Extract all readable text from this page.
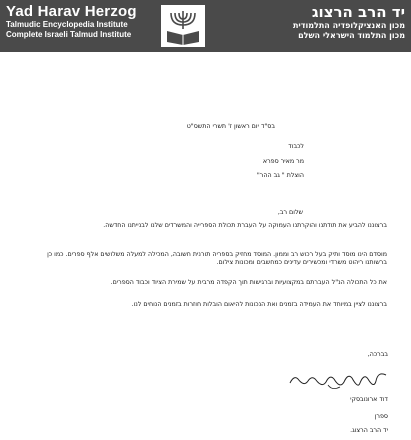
Yad Harav Herzog
Talmudic Encyclopedia Institute
Complete Israeli Talmud Institute
יד הרב הרצוג
מכון האנציקלופדיה התלמודית
מכון התלמוד הישראלי השלם
בס"ד יום ראשון ז' תשרי התשס"ט
לכבוד
מר מאיר ספרא
הוצלת " גב ההר"
שלום רב,
ברצוננו להביע את תודתנו והוקרתנו העמוקה על העברת תכולת הספרייה והמשרדים שלנו לבנייתנו החדשה.
מוסדם הינו מוסד ותיק בעל רכוש רב וממון. המוסד מחזיק בספריה תורנית חשובה, המכילה למעלה משלושים אלף ספרים. כמו כן ברשותנו ריהוט משרדי ומכשירים עדינים כמחשבים ומכונות צילום.
את כל התכולה הנ"ל העברתם במקצועיות וברגישות תוך הקפדה מרבית על שמירת הציוד וכבוד הספרים.
ברצוננו לציין במיוחד את העמידה בזמנים ואת הנכונות להיאום הובלות חוזרות בזמנים הנוחים לנו.
בברכה,
דוד ארונובסקי
ספרן
יד הרב הרצוג.
